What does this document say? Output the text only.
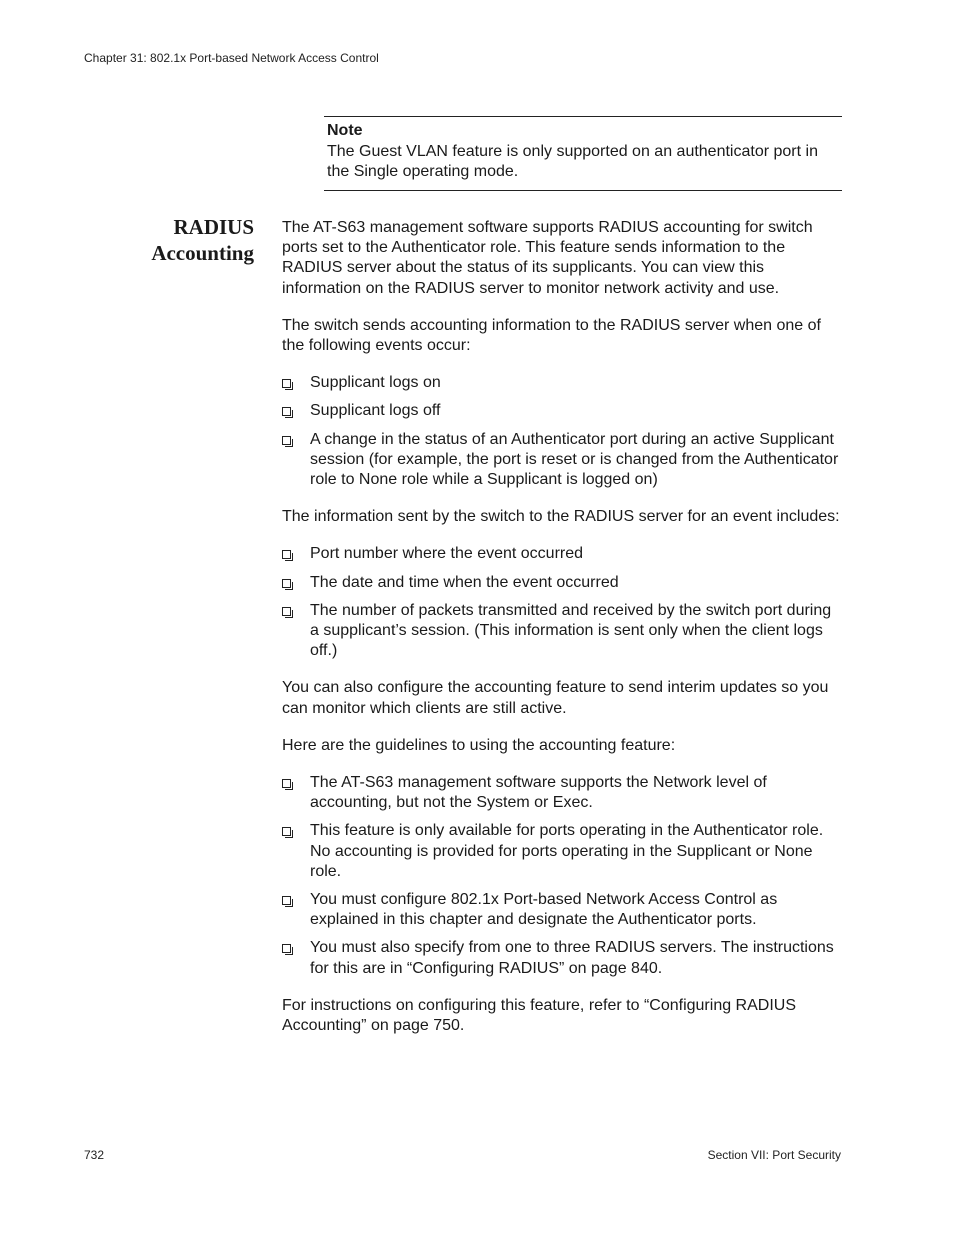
Chapter 31: 802.1x Port-based Network Access Control
Note
The Guest VLAN feature is only supported on an authenticator port in the Single operating mode.
RADIUS
Accounting

The AT-S63 management software supports RADIUS accounting for switch ports set to the Authenticator role. This feature sends information to the RADIUS server about the status of its supplicants. You can view this information on the RADIUS server to monitor network activity and use.

The switch sends accounting information to the RADIUS server when one of the following events occur:

Supplicant logs on
Supplicant logs off
A change in the status of an Authenticator port during an active Supplicant session (for example, the port is reset or is changed from the Authenticator role to None role while a Supplicant is logged on)

The information sent by the switch to the RADIUS server for an event includes:

Port number where the event occurred
The date and time when the event occurred
The number of packets transmitted and received by the switch port during a supplicant’s session. (This information is sent only when the client logs off.)

You can also configure the accounting feature to send interim updates so you can monitor which clients are still active.

Here are the guidelines to using the accounting feature:

The AT-S63 management software supports the Network level of accounting, but not the System or Exec.
This feature is only available for ports operating in the Authenticator role. No accounting is provided for ports operating in the Supplicant or None role.
You must configure 802.1x Port-based Network Access Control as explained in this chapter and designate the Authenticator ports.
You must also specify from one to three RADIUS servers. The instructions for this are in “Configuring RADIUS” on page 840.

For instructions on configuring this feature, refer to “Configuring RADIUS Accounting” on page 750.

732	Section VII: Port Security
